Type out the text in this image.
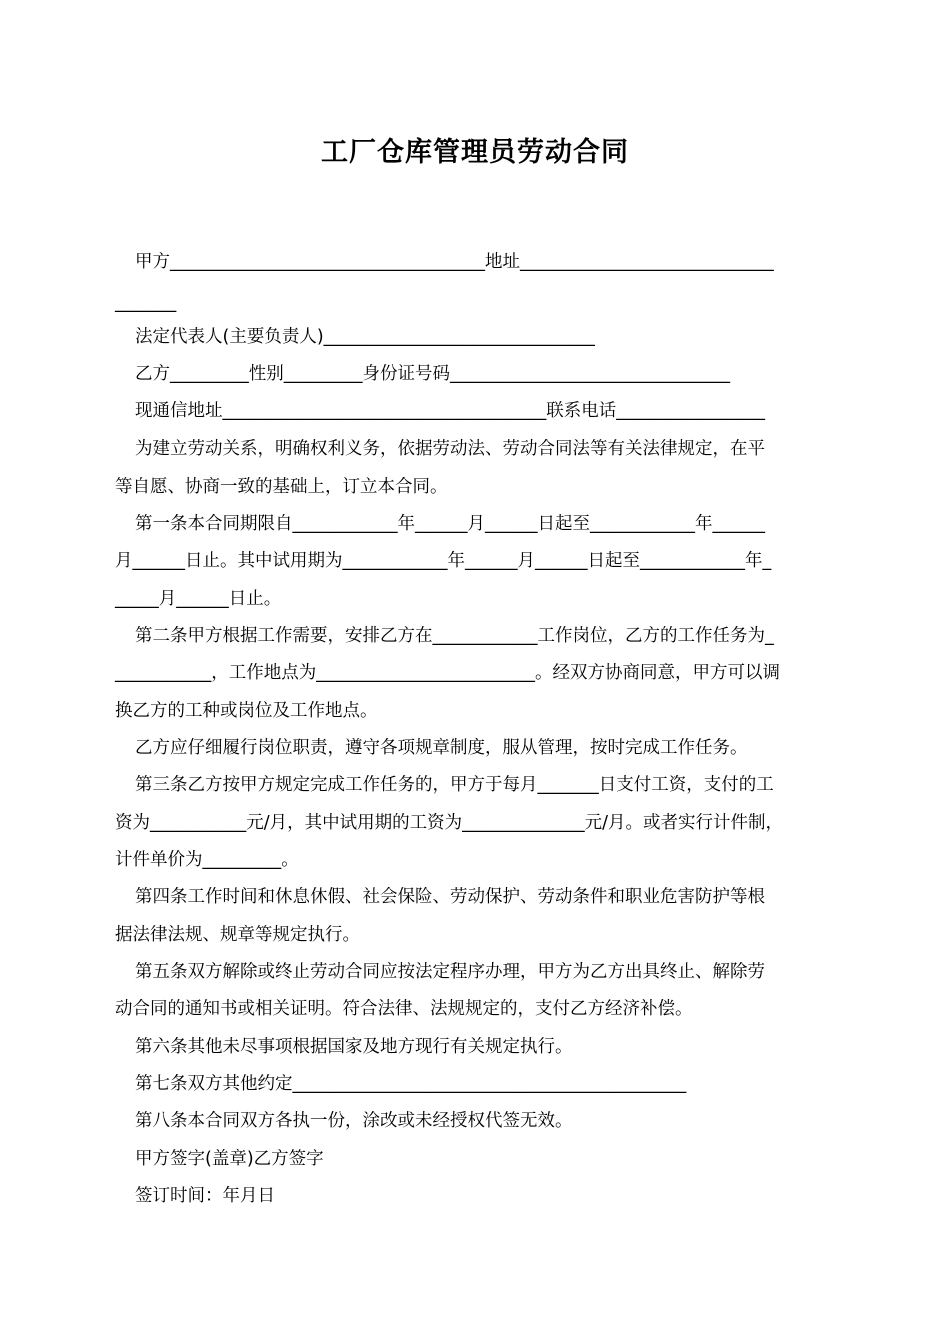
工厂仓库管理员劳动合同
甲方____________________________________地址_____________________________
_______
法定代表人(主要负责人)_______________________________
乙方_________性别_________身份证号码________________________________
现通信地址_____________________________________联系电话_________________
为建立劳动关系，明确权利义务，依据劳动法、劳动合同法等有关法律规定，在平
等自愿、协商一致的基础上，订立本合同。
第一条本合同期限自____________年______月______日起至____________年______
月______日止。其中试用期为____________年______月______日起至____________年_
_____月______日止。
第二条甲方根据工作需要，安排乙方在____________工作岗位，乙方的工作任务为_
___________，工作地点为_________________________。经双方协商同意，甲方可以调
换乙方的工种或岗位及工作地点。
乙方应仔细履行岗位职责，遵守各项规章制度，服从管理，按时完成工作任务。
第三条乙方按甲方规定完成工作任务的，甲方于每月_______日支付工资，支付的工
资为___________元/月，其中试用期的工资为______________元/月。或者实行计件制，
计件单价为_________。
第四条工作时间和休息休假、社会保险、劳动保护、劳动条件和职业危害防护等根
据法律法规、规章等规定执行。
第五条双方解除或终止劳动合同应按法定程序办理，甲方为乙方出具终止、解除劳
动合同的通知书或相关证明。符合法律、法规规定的，支付乙方经济补偿。
第六条其他未尽事项根据国家及地方现行有关规定执行。
第七条双方其他约定_____________________________________________
第八条本合同双方各执一份，涂改或未经授权代签无效。
甲方签字(盖章)乙方签字
签订时间：年月日
